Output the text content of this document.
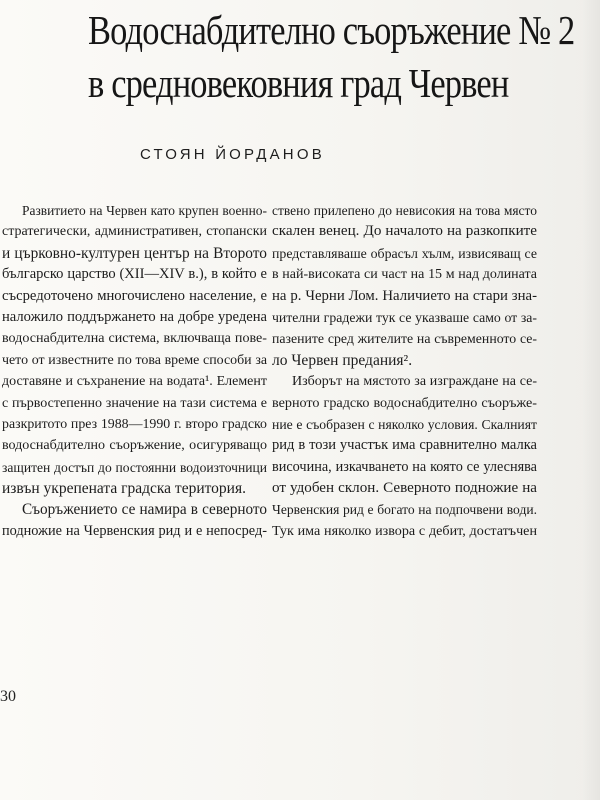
Водоснабдително съоръжение № 2
в средновековния град Червен
СТОЯН ЙОРДАНОВ
Развитието на Червен като крупен военно-
стратегически, административен, стопански
и църковно-културен център на Второто
българско царство (XII—XIV в.), в който е
съсредоточено многочислено население, е
наложило поддържането на добре уредена
водоснабдителна система, включваща пове-
чето от известните по това време способи за
доставяне и съхранение на водата¹. Елемент
с първостепенно значение на тази система е
разкритото през 1988—1990 г. второ градско
водоснабдително съоръжение, осигуряващо
защитен достъп до постоянни водоизточници
извън укрепената градска територия.
Съоръжението се намира в северното
подножие на Червенския рид и е непосред-
ствено прилепено до невисокия на това място
скален венец. До началото на разкопките
представляваше обрасъл хълм, извисяващ се
в най-високата си част на 15 м над долината
на р. Черни Лом. Наличието на стари зна-
чителни градежи тук се указваше само от за-
пазените сред жителите на съвременното се-
ло Червен предания².
Изборът на мястото за изграждане на се-
верното градско водоснабдително съоръже-
ние е съобразен с няколко условия. Скалният
рид в този участък има сравнително малка
височина, изкачването на която се улеснява
от удобен склон. Северното подножие на
Червенския рид е богато на подпочвени води.
Тук има няколко извора с дебит, достатъчен
30
